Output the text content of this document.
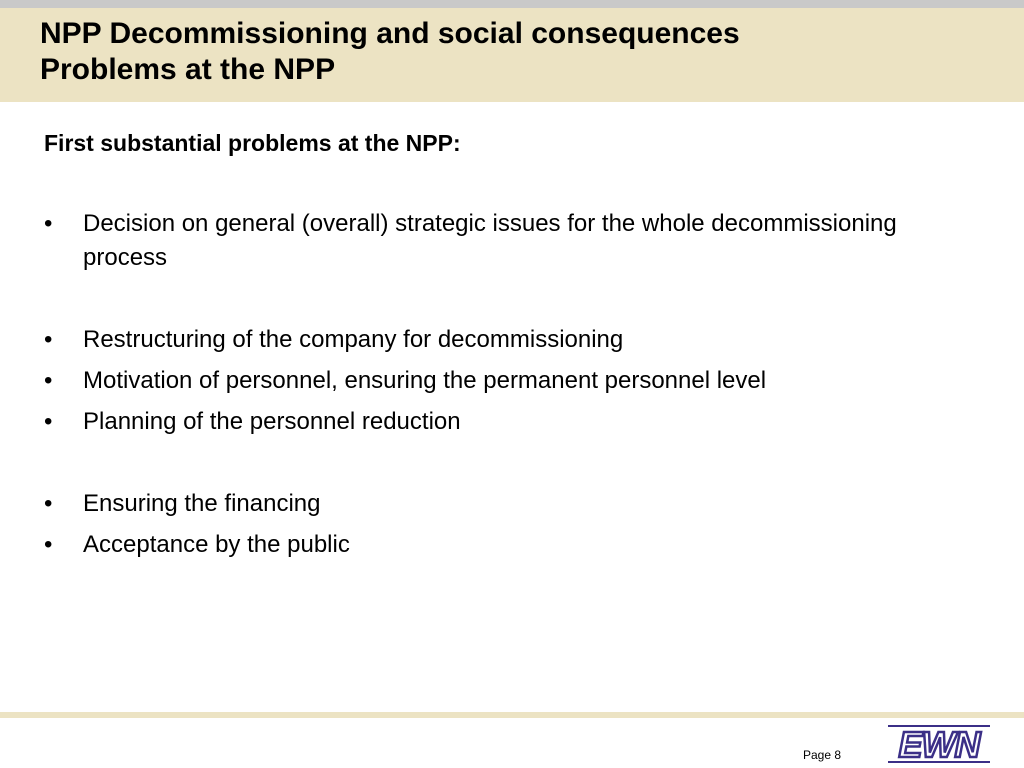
NPP Decommissioning and social consequences
Problems at the NPP

First substantial problems at the NPP:

•	Decision on general (overall) strategic issues for the whole decommissioning process
•	Restructuring of the company for decommissioning
•	Motivation of personnel, ensuring the permanent personnel level
•	Planning of the personnel reduction
•	Ensuring the financing
•	Acceptance by the public
Page 8 EWN
